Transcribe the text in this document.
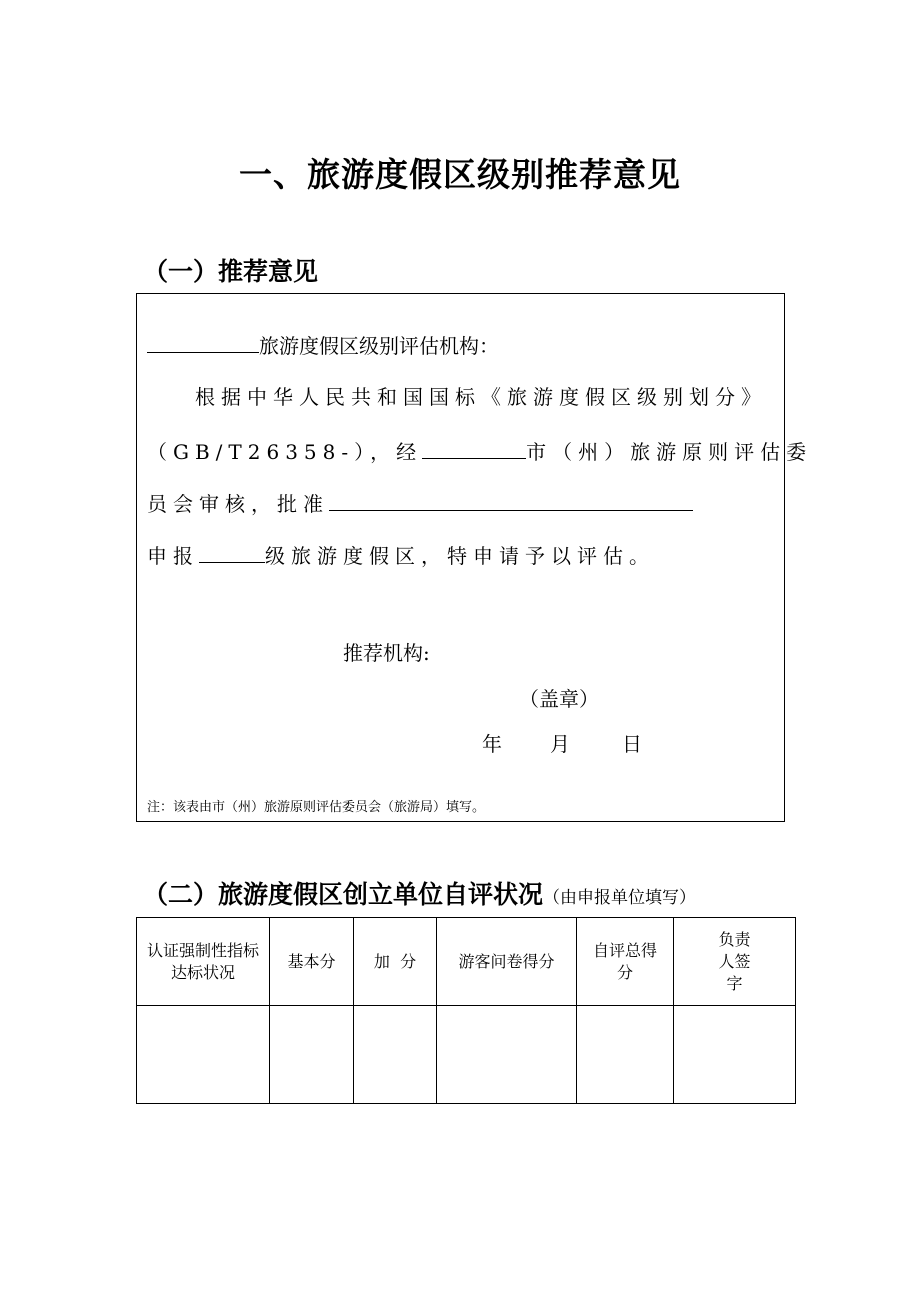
一、旅游度假区级别推荐意见
（一）推荐意见
旅游度假区级别评估机构：
根据中华人民共和国国标《旅游度假区级别划分》
（GB/T26358-），经	市（州）旅游原则评估委
员会审核，批准
申报	级旅游度假区，特申请予以评估。
推荐机构:
（盖章）
年 月	日
注：该表由市（州）旅游原则评估委员会（旅游局）填写。
（二）旅游度假区创立单位自评状况（由申报单位填写）
认证强制性指标达标状况	基本分	加  分	游客问卷得分	自评总得分	负责人签字
